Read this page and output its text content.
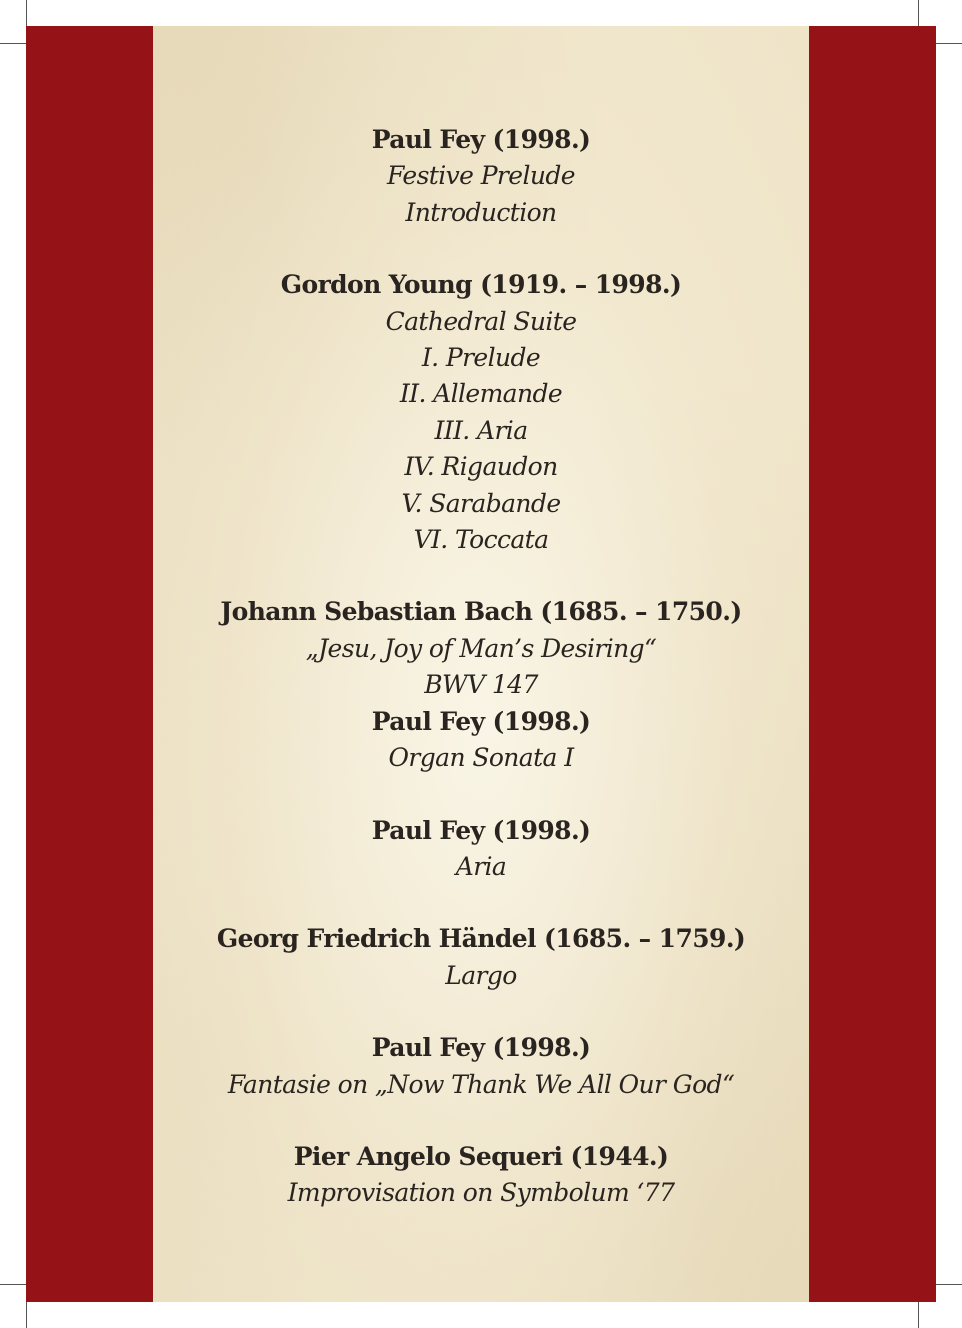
Paul Fey (1998.)
Festive Prelude
Introduction
Gordon Young (1919. – 1998.)
Cathedral Suite
I. Prelude
II. Allemande
III. Aria
IV. Rigaudon
V. Sarabande
VI. Toccata
Johann Sebastian Bach (1685. – 1750.)
„Jesu, Joy of Man’s Desiring“
BWV 147
Paul Fey (1998.)
Organ Sonata I
Paul Fey (1998.)
Aria
Georg Friedrich Händel (1685. – 1759.)
Largo
Paul Fey (1998.)
Fantasie on „Now Thank We All Our God“
Pier Angelo Sequeri (1944.)
Improvisation on Symbolum ‘77
